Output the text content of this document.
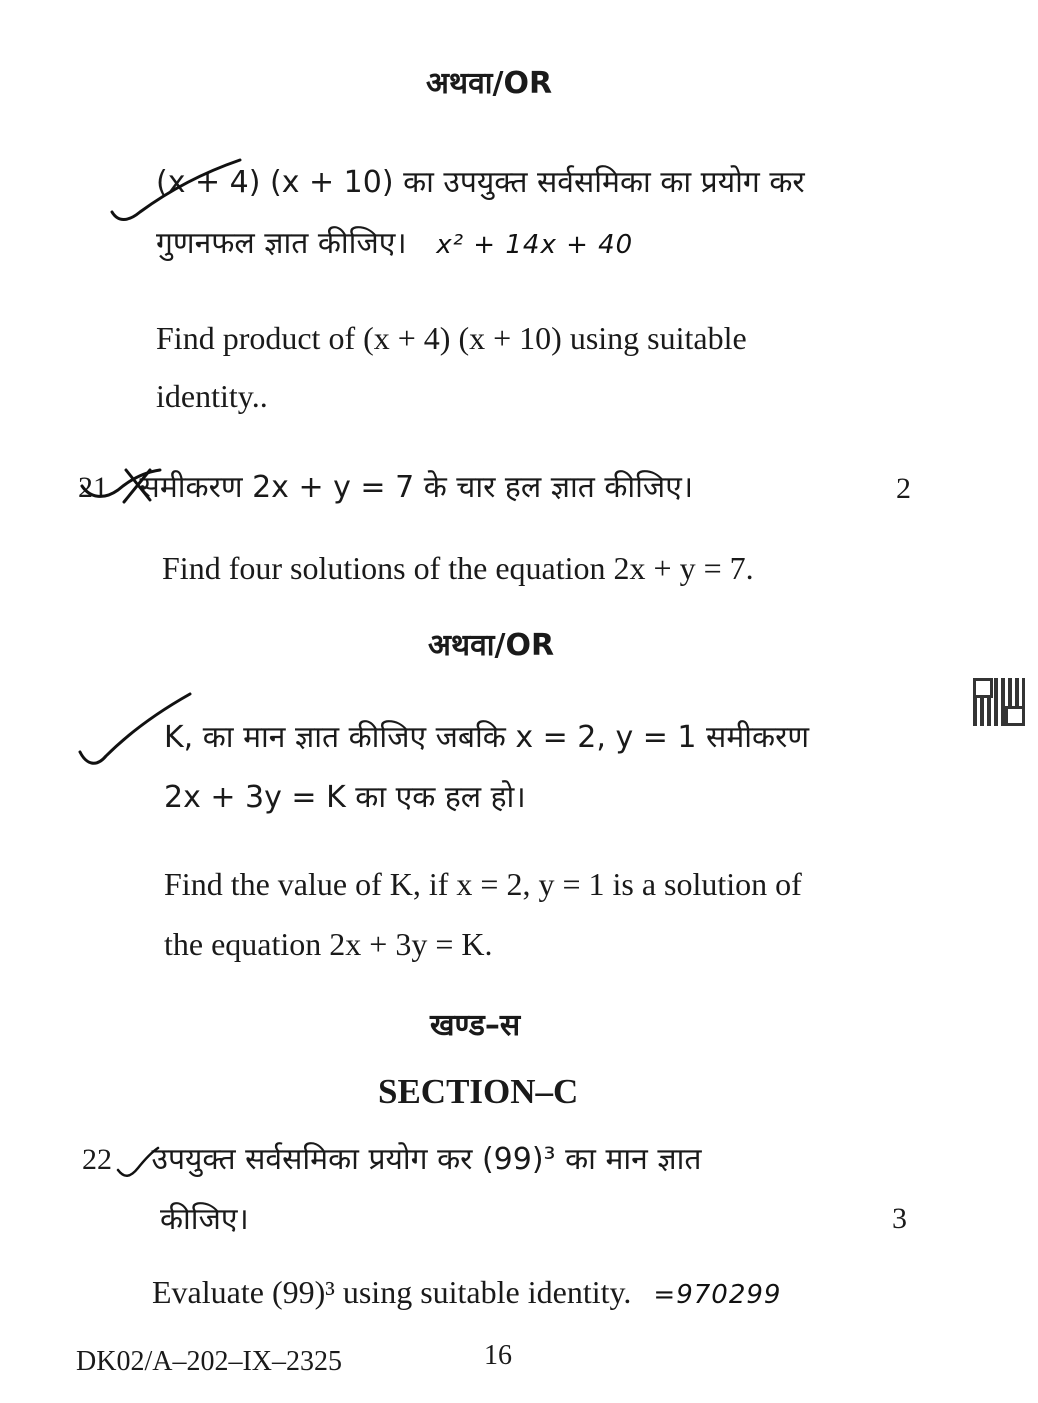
अथवा/OR
(x + 4) (x + 10) का उपयुक्त सर्वसमिका का प्रयोग कर
गुणनफल ज्ञात कीजिए। x² + 14x + 40
Find product of (x + 4) (x + 10) using suitable
identity..
21 समीकरण 2x + y = 7 के चार हल ज्ञात कीजिए।	2
Find four solutions of the equation 2x + y = 7.
अथवा/OR
K, का मान ज्ञात कीजिए जबकि x = 2, y = 1 समीकरण
2x + 3y = K का एक हल हो।
Find the value of K, if x = 2, y = 1 is a solution of
the equation 2x + 3y = K.
खण्ड–स
SECTION–C
22 उपयुक्त सर्वसमिका प्रयोग कर (99)³ का मान ज्ञात
कीजिए।	3
Evaluate (99)³ using suitable identity. =970299
DK02/A–202–IX–2325	16
